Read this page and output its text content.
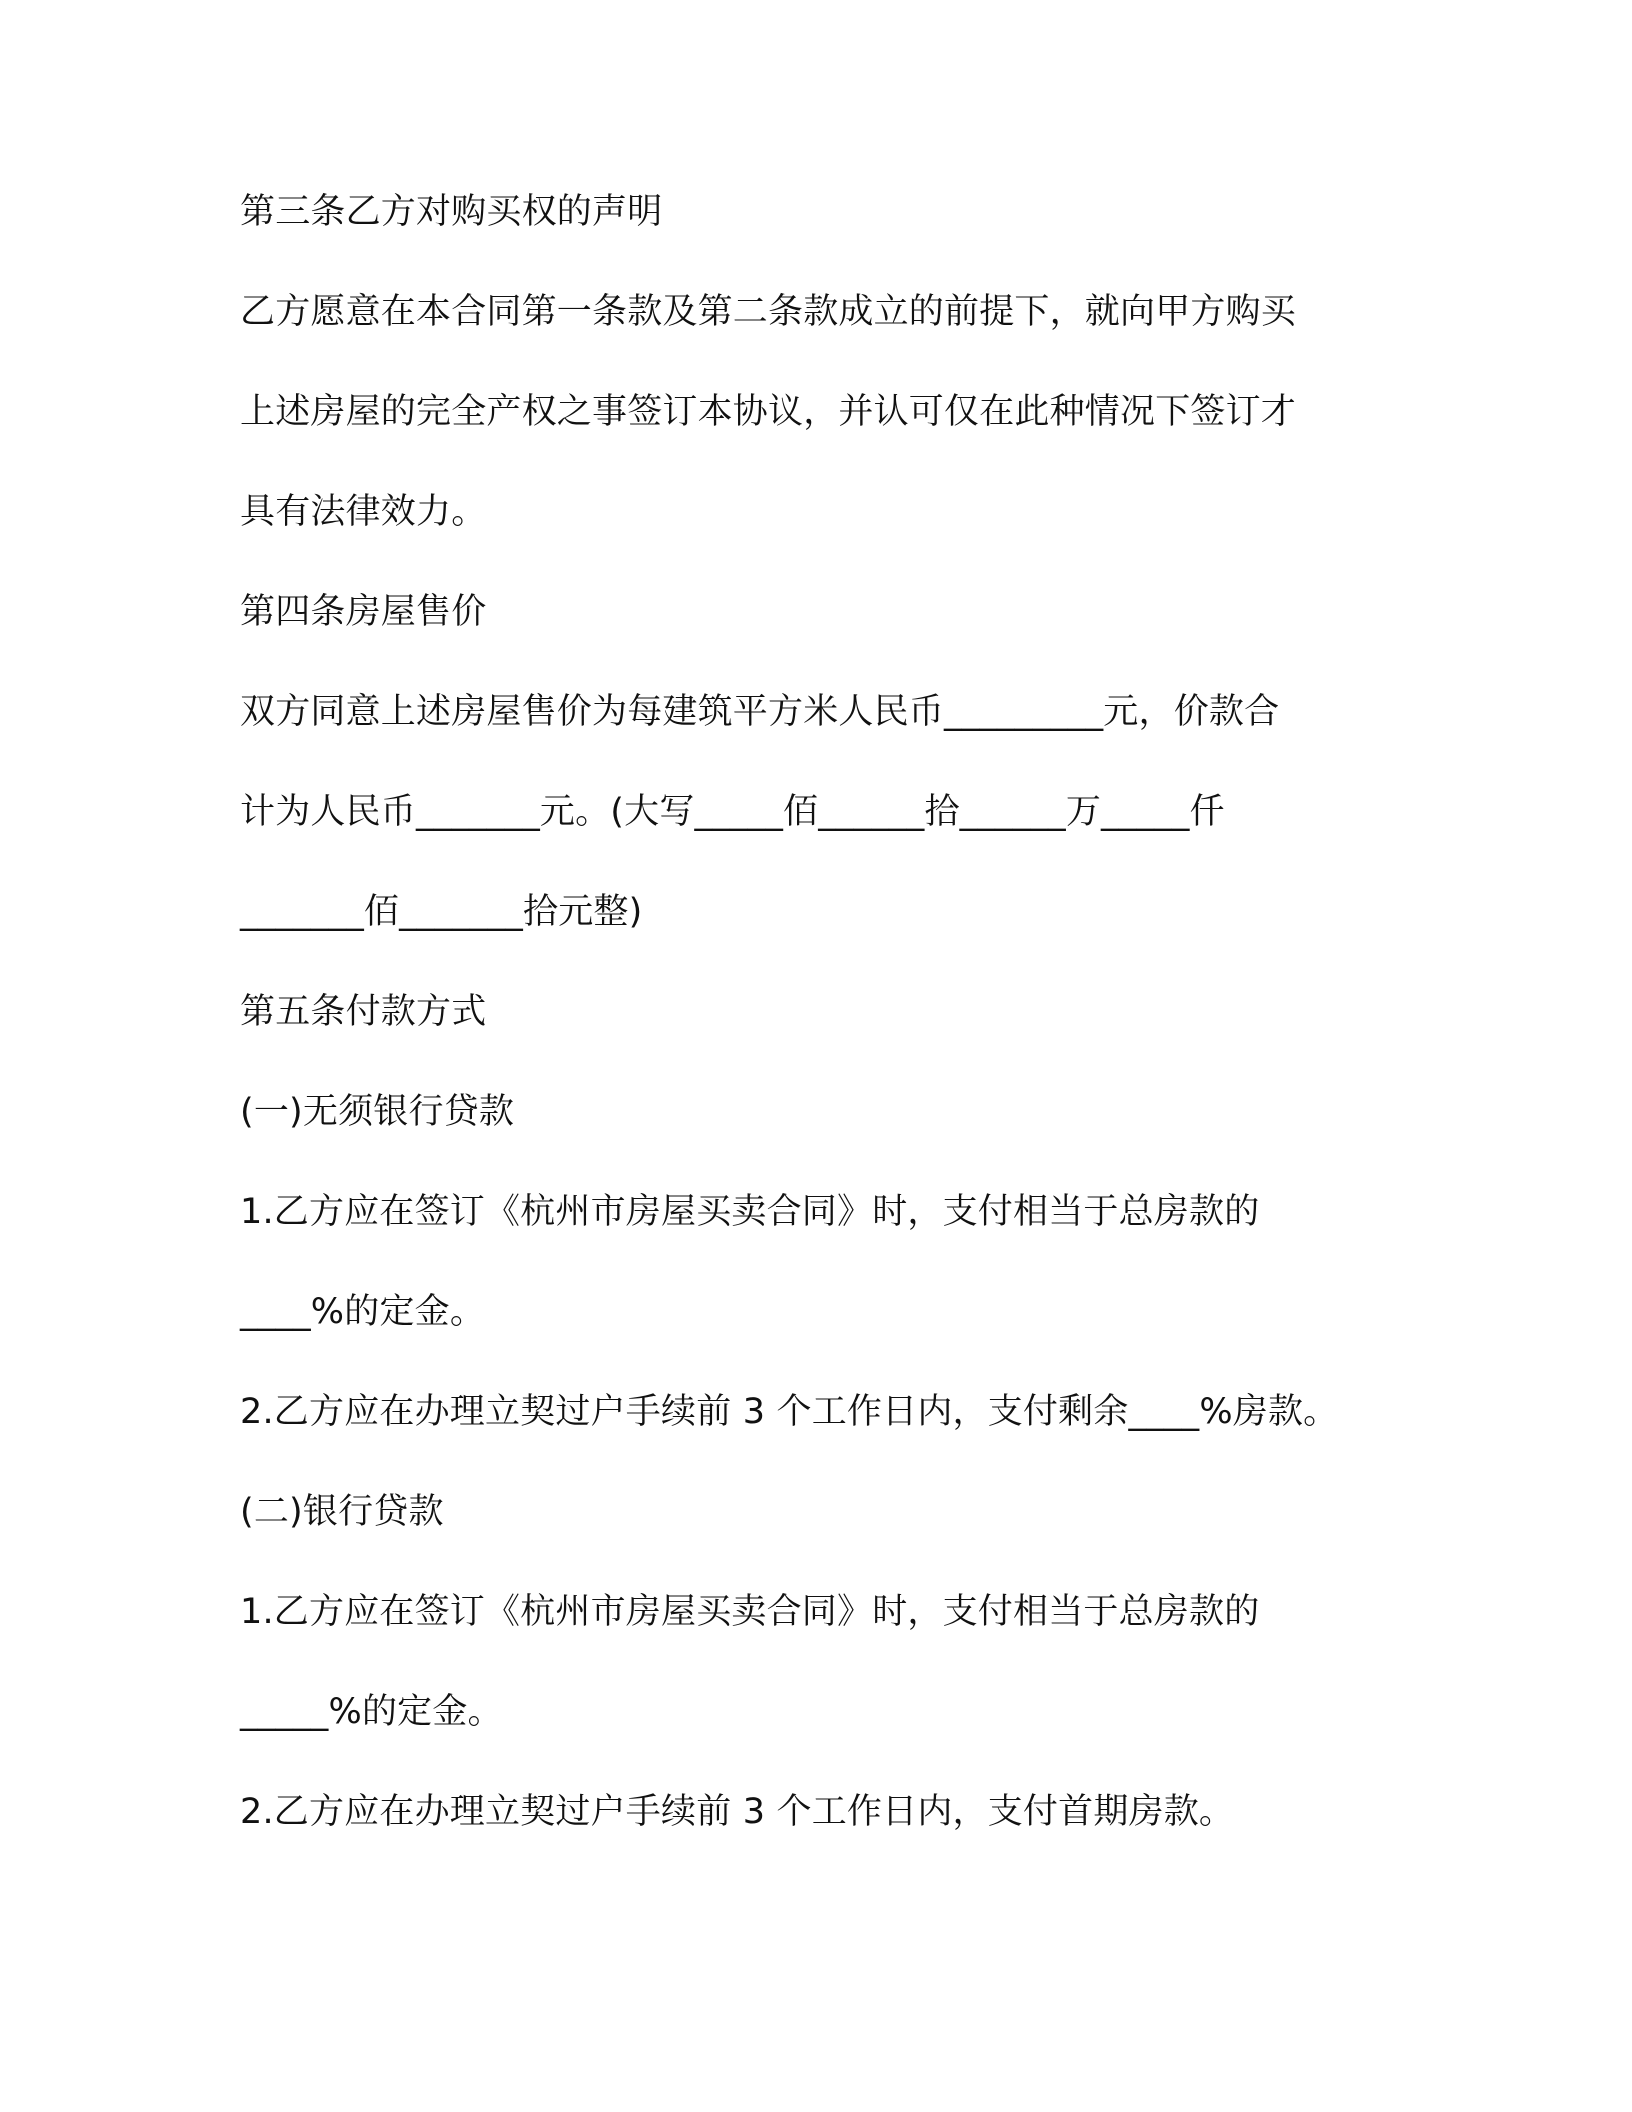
第三条乙方对购买权的声明
乙方愿意在本合同第一条款及第二条款成立的前提下，就向甲方购买
上述房屋的完全产权之事签订本协议，并认可仅在此种情况下签订才
具有法律效力。
第四条房屋售价
双方同意上述房屋售价为每建筑平方米人民币_________元，价款合
计为人民币_______元。(大写_____佰______拾______万_____仟
_______佰_______拾元整)
第五条付款方式
(一)无须银行贷款
1.乙方应在签订《杭州市房屋买卖合同》时，支付相当于总房款的
____%的定金。
2.乙方应在办理立契过户手续前 3 个工作日内，支付剩余____%房款。
(二)银行贷款
1.乙方应在签订《杭州市房屋买卖合同》时，支付相当于总房款的
_____%的定金。
2.乙方应在办理立契过户手续前 3 个工作日内，支付首期房款。
